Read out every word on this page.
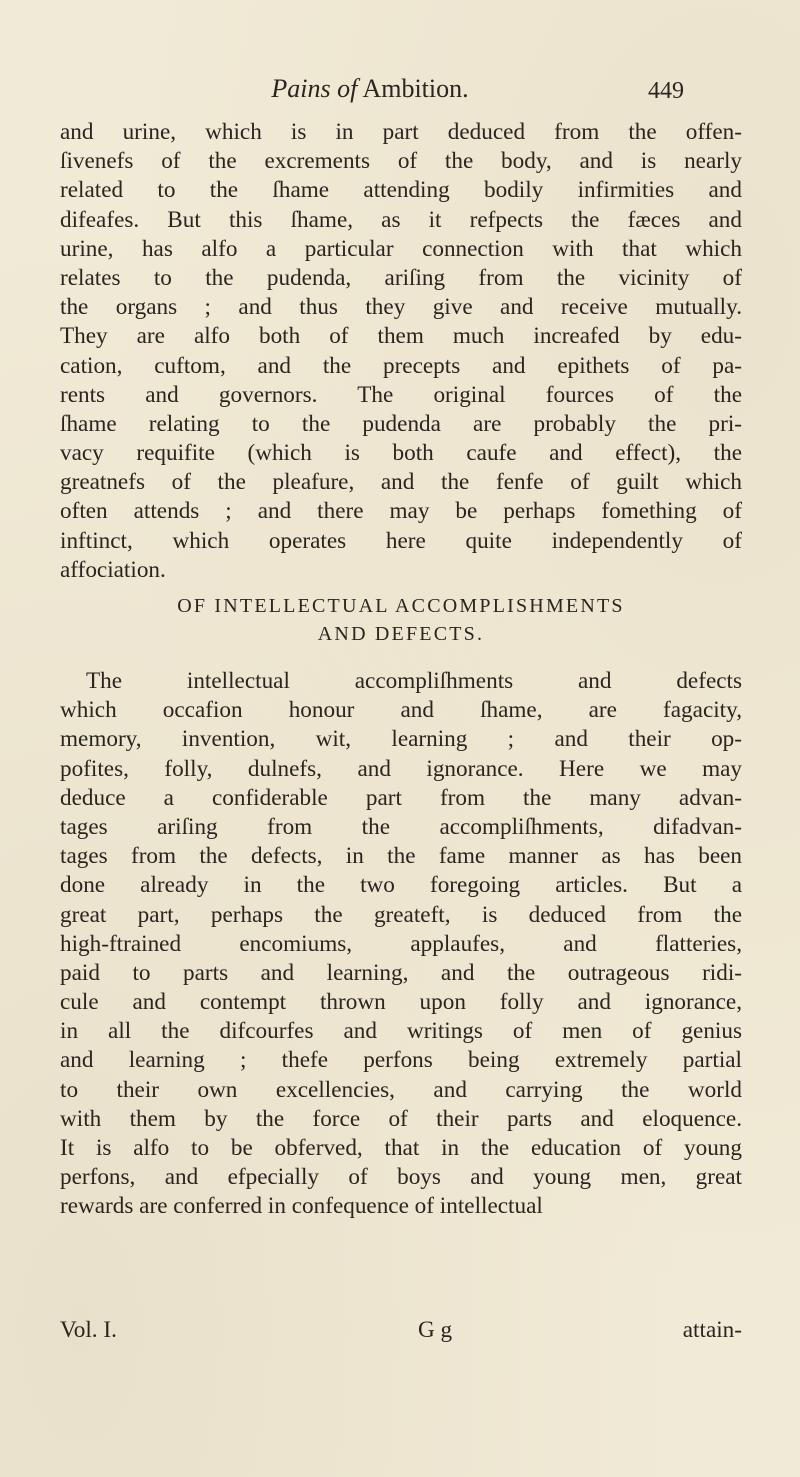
Pains of Ambition.	449
and urine, which is in part deduced from the offen-
ſivenefs of the excrements of the body, and is nearly
related to the ſhame attending bodily infirmities and
difeafes. But this ſhame, as it refpects the fæces and
urine, has alfo a particular connection with that which
relates to the pudenda, ariſing from the vicinity of
the organs ; and thus they give and receive mutually.
They are alfo both of them much increafed by edu-
cation, cuftom, and the precepts and epithets of pa-
rents and governors. The original fources of the
ſhame relating to the pudenda are probably the pri-
vacy requifite (which is both caufe and effect), the
greatnefs of the pleafure, and the fenfe of guilt which
often attends ; and there may be perhaps fomething of
inftinct, which operates here quite independently of
affociation.
OF INTELLECTUAL ACCOMPLISHMENTS
AND DEFECTS.
The intellectual accompliſhments and defects
which occafion honour and ſhame, are fagacity,
memory, invention, wit, learning ; and their op-
pofites, folly, dulnefs, and ignorance. Here we may
deduce a confiderable part from the many advan-
tages ariſing from the accompliſhments, difadvan-
tages from the defects, in the fame manner as has been
done already in the two foregoing articles. But a
great part, perhaps the greateft, is deduced from the
high-ftrained encomiums, applaufes, and flatteries,
paid to parts and learning, and the outrageous ridi-
cule and contempt thrown upon folly and ignorance,
in all the difcourfes and writings of men of genius
and learning ; thefe perfons being extremely partial
to their own excellencies, and carrying the world
with them by the force of their parts and eloquence.
It is alfo to be obferved, that in the education of young
perfons, and efpecially of boys and young men, great
rewards are conferred in confequence of intellectual
Vol. I.	G g	attain-
